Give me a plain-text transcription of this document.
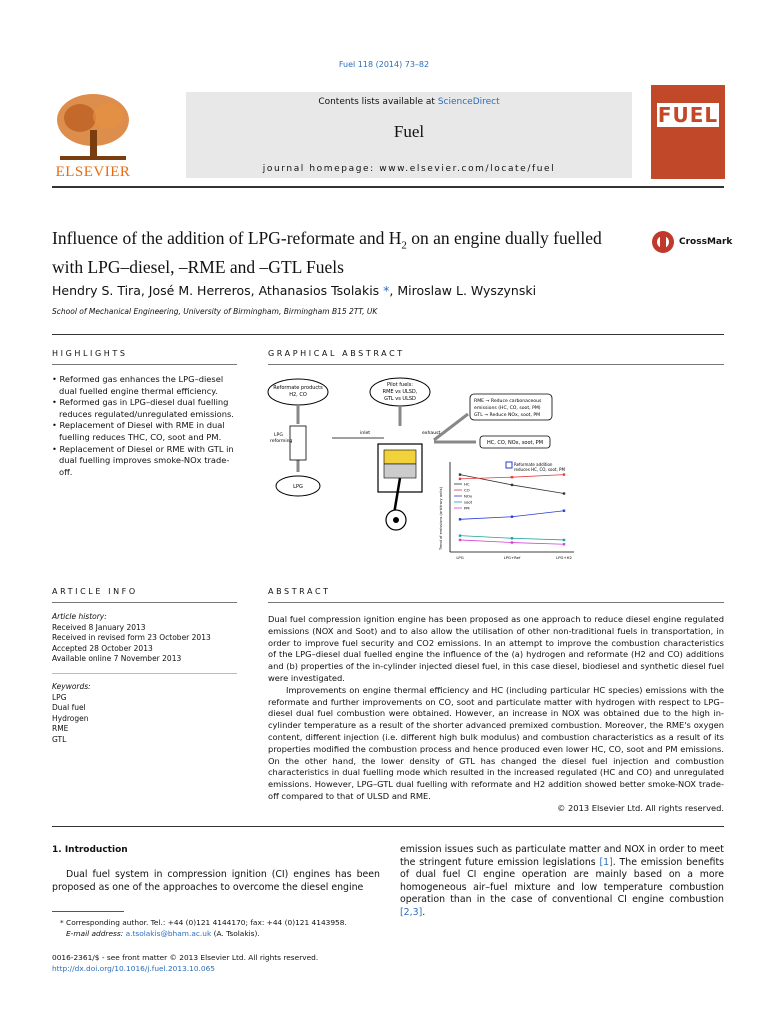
Fuel 118 (2014) 73–82
ELSEVIER
Contents lists available at ScienceDirect
Fuel
journal homepage: www.elsevier.com/locate/fuel
FUEL
Influence of the addition of LPG-reformate and $H_2$ on an engine dually fuelled with LPG–diesel, –RME and –GTL Fuels
CrossMark
Hendry S. Tira, José M. Herreros, Athanasios Tsolakis *, Miroslaw L. Wyszynski
School of Mechanical Engineering, University of Birmingham, Birmingham B15 2TT, UK
HIGHLIGHTS
• Reformed gas enhances the LPG–diesel dual fuelled engine thermal efficiency.
• Reformed gas in LPG–diesel dual fuelling reduces regulated/unregulated emissions.
• Replacement of Diesel with RME in dual fuelling reduces THC, CO, soot and PM.
• Replacement of Diesel or RME with GTL in dual fuelling improves smoke-NOx trade-off.
GRAPHICAL ABSTRACT
Reformate products
H2, CO
Pilot fuels:
RME vs ULSD,
GTL vs ULSD	RME → Reduce carbonaceous
emissions (HC, CO, soot, PM)
GTL → Reduce NOx, soot, PM
HC, CO, NOx, soot, PM
LPG
reforming
LPG
inlet	exhaust
Trend of emissions (arbitrary units)
Reformate addition
reduces HC, CO, soot, PM
HC
CO
NOx
soot
PM
LPG	LPG+Ref	LPG+H2
ARTICLE INFO
Article history:
Received 8 January 2013
Received in revised form 23 October 2013
Accepted 28 October 2013
Available online 7 November 2013
Keywords:
LPG
Dual fuel
Hydrogen
RME
GTL
ABSTRACT

Dual fuel compression ignition engine has been proposed as one approach to reduce diesel engine regulated emissions (NOX and Soot) and to also allow the utilisation of other non-traditional fuels in transportation, in order to improve fuel security and CO2 emissions. In an attempt to improve the combustion characteristics of the LPG–diesel dual fuelled engine the influence of the (a) hydrogen and reformate (H2 and CO) additions and (b) properties of the in-cylinder injected diesel fuel, in this case diesel, biodiesel and synthetic diesel fuel were investigated.

Improvements on engine thermal efficiency and HC (including particular HC species) emissions with the reformate and further improvements on CO, soot and particulate matter with hydrogen with respect to LPG–diesel dual fuel combustion were obtained. However, an increase in NOX was obtained due to the high in-cylinder temperature as a result of the shorter advanced premixed combustion. Moreover, the RME's oxygen content, different injection (i.e. different high bulk modulus) and combustion characteristics as a result of its properties modified the combustion process and hence produced even lower HC, CO, soot and PM emissions. On the other hand, the lower density of GTL has changed the diesel fuel injection and combustion characteristics in dual fuelling mode which resulted in the increased regulated (HC and CO) and unregulated emissions. However, LPG–GTL dual fuelling with reformate and H2 addition showed better smoke-NOX trade-off compared to that of ULSD and RME.

© 2013 Elsevier Ltd. All rights reserved.
1. Introduction
Dual fuel system in compression ignition (CI) engines has been proposed as one of the approaches to overcome the diesel engine
emission issues such as particulate matter and NOX in order to meet the stringent future emission legislations [1]. The emission benefits of dual fuel CI engine operation are mainly based on a more homogeneous air–fuel mixture and low temperature combustion operation than in the case of conventional CI engine combustion [2,3].
* Corresponding author. Tel.: +44 (0)121 4144170; fax: +44 (0)121 4143958.
E-mail address: a.tsolakis@bham.ac.uk (A. Tsolakis).
0016-2361/$ - see front matter © 2013 Elsevier Ltd. All rights reserved.
http://dx.doi.org/10.1016/j.fuel.2013.10.065
